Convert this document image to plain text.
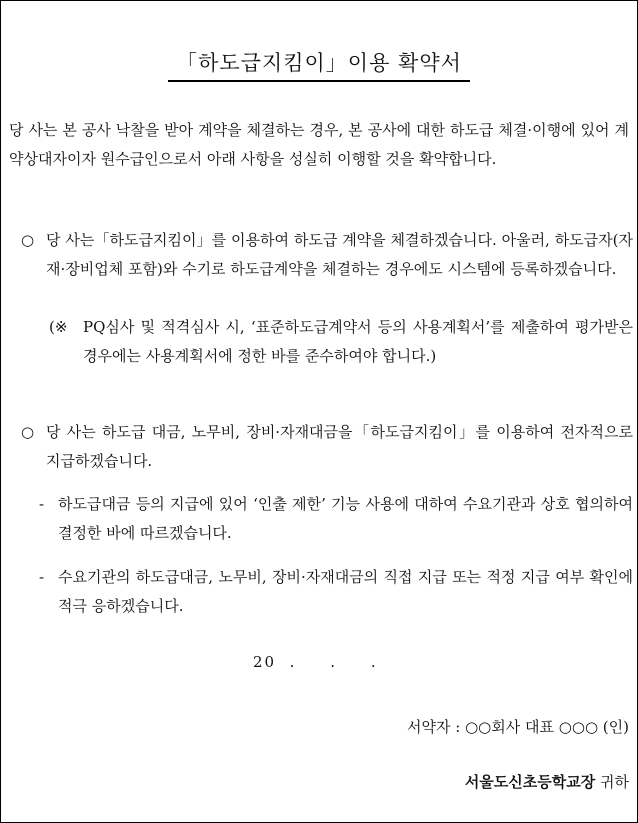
「하도급지킴이」이용 확약서
당 사는 본 공사 낙찰을 받아 계약을 체결하는 경우, 본 공사에 대한 하도급 체결·이행에 있어 계약상대자이자 원수급인으로서 아래 사항을 성실히 이행할 것을 확약합니다.
○ 당 사는「하도급지킴이」를 이용하여 하도급 계약을 체결하겠습니다. 아울러, 하도급자(자재·장비업체 포함)와 수기로 하도급계약을 체결하는 경우에도 시스템에 등록하겠습니다.
(※ PQ심사 및 적격심사 시, ‘표준하도급계약서 등의 사용계획서’를 제출하여 평가받은 경우에는 사용계획서에 정한 바를 준수하여야 합니다.)
○ 당 사는 하도급 대금, 노무비, 장비·자재대금을「하도급지킴이」를 이용하여 전자적으로 지급하겠습니다.
- 하도급대금 등의 지급에 있어 ‘인출 제한’ 기능 사용에 대하여 수요기관과 상호 협의하여 결정한 바에 따르겠습니다.
- 수요기관의 하도급대금, 노무비, 장비·자재대금의 직접 지급 또는 적정 지급 여부 확인에 적극 응하겠습니다.
20  .     .     .
서약자 : ○○회사 대표 ○○○ (인)
서울도신초등학교장 귀하
